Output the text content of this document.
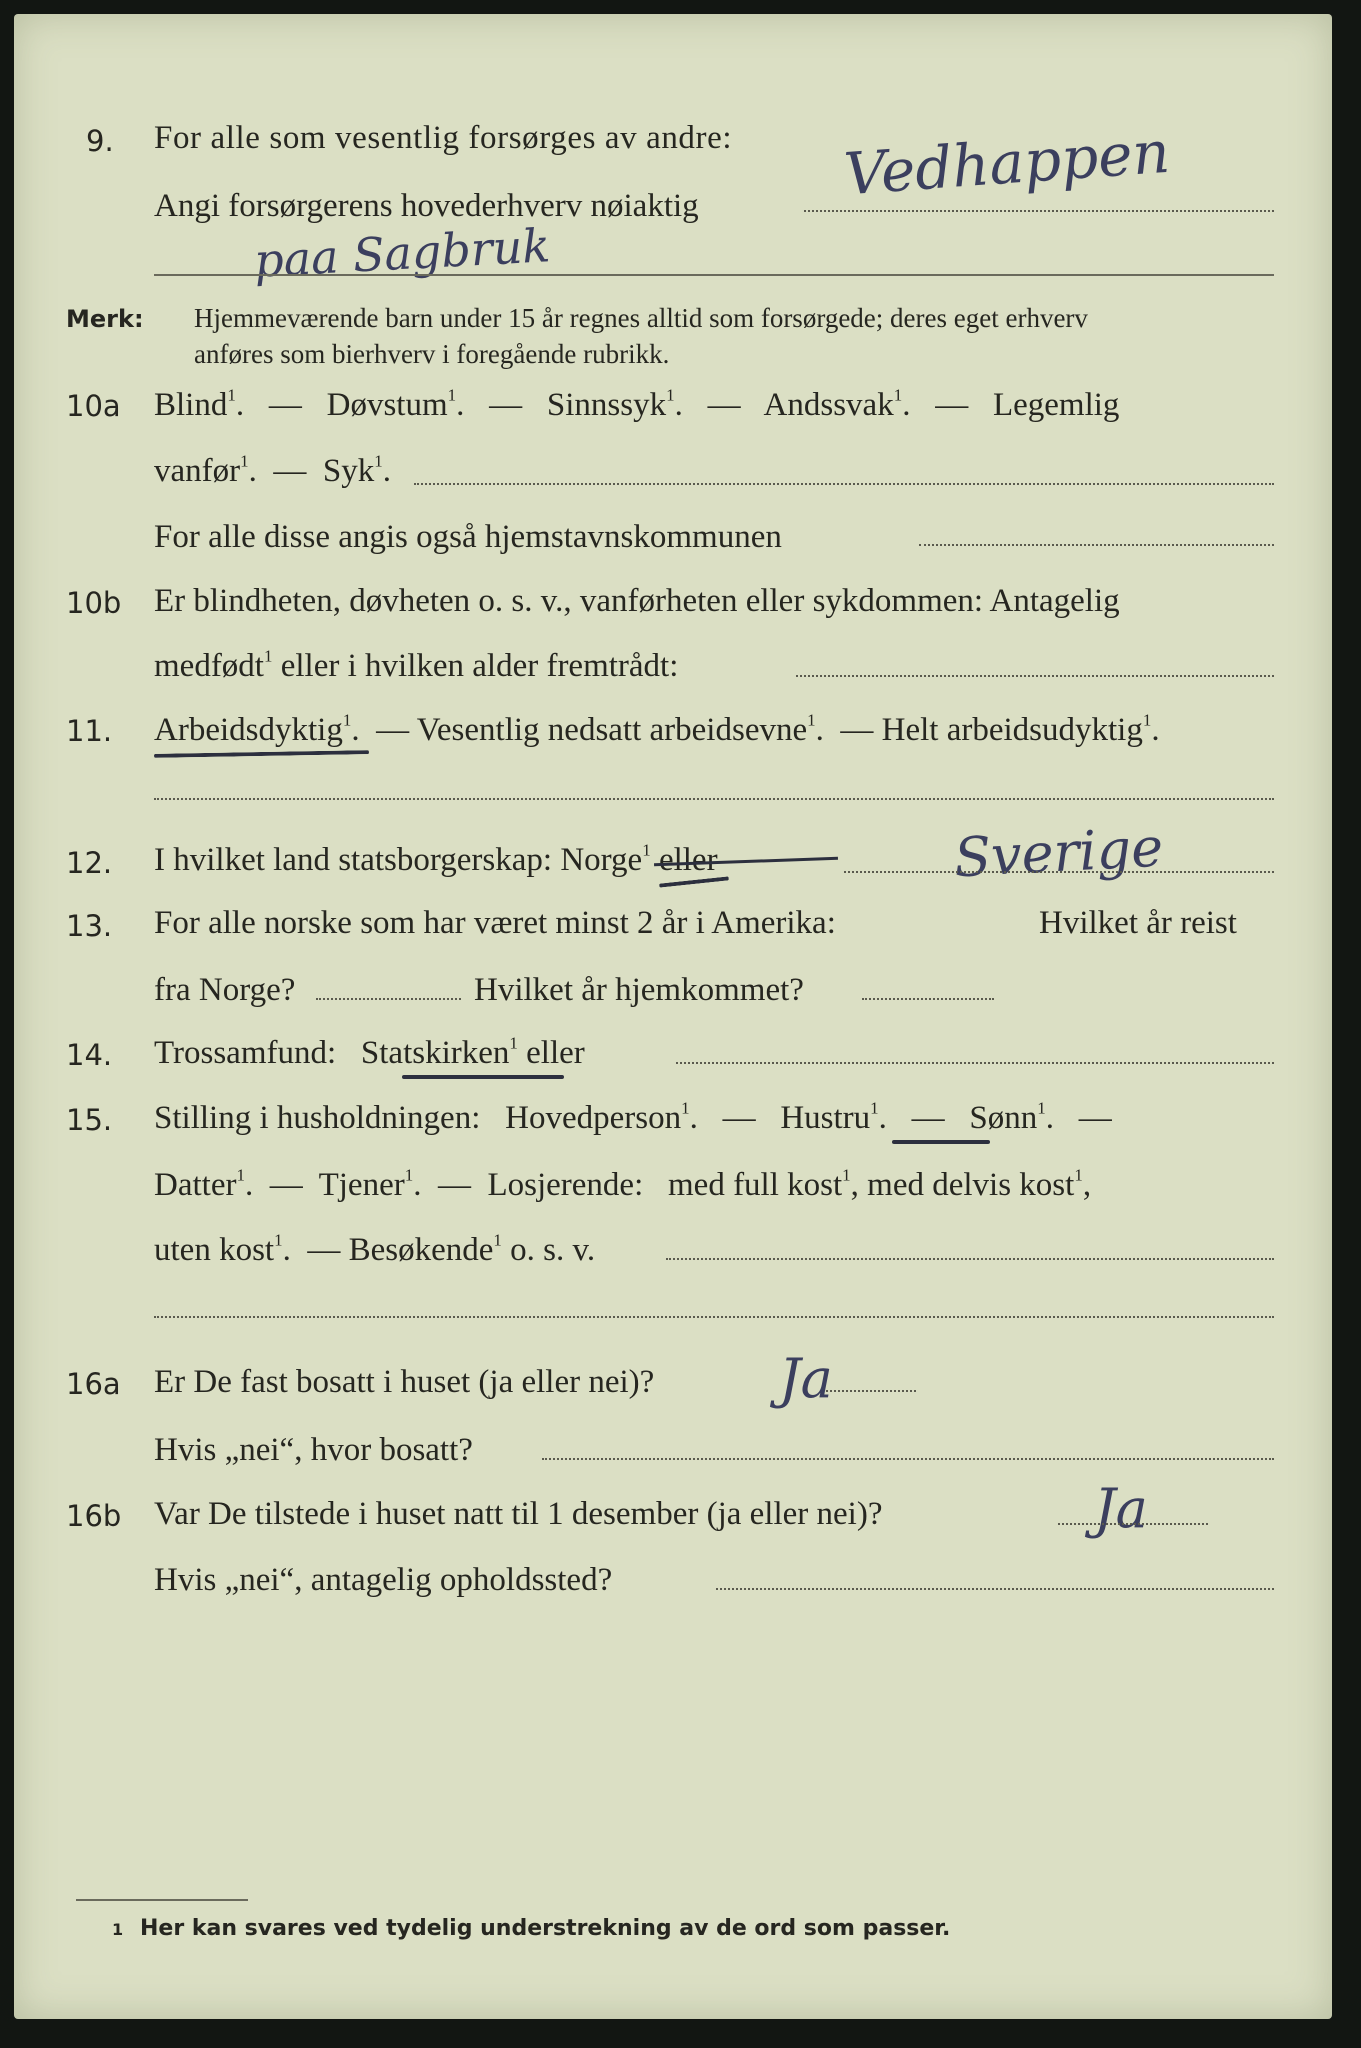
9. For alle som vesentlig forsørges av andre: Vedhappen
Angi forsørgerens hovederhverv nøiaktig
paa Sagbruk
Merk: Hjemmeværende barn under 15 år regnes alltid som forsørgede; deres eget erhverv
anføres som bierhverv i foregående rubrikk.
10a Blind$^1$. — Døvstum$^1$. — Sinnssyk$^1$. — Andssvak$^1$. — Legemlig
vanfør$^1$. — Syk$^1$.
For alle disse angis også hjemstavnskommunen
10b Er blindheten, døvheten o. s. v., vanførheten eller sykdommen: Antagelig
medfødt$^1$ eller i hvilken alder fremtrådt:
11. Arbeidsdyktig$^1$. — Vesentlig nedsatt arbeidsevne$^1$. — Helt arbeidsudyktig$^1$.
12. I hvilket land statsborgerskap: Norge$^1$ eller	Sverige
13. For alle norske som har været minst 2 år i Amerika:	Hvilket år reist
fra Norge?	Hvilket år hjemkommet?
14. Trossamfund: Statskirken$^1$ eller
15. Stilling i husholdningen: Hovedperson$^1$. — Hustru$^1$. — Sønn$^1$. —
Datter$^1$. — Tjener$^1$. — Losjerende: med full kost$^1$, med delvis kost$^1$,
uten kost$^1$. — Besøkende$^1$ o. s. v.
16a Er De fast bosatt i huset (ja eller nei)? Ja
Hvis „nei“, hvor bosatt?
16b Var De tilstede i huset natt til 1 desember (ja eller nei)?	Ja
Hvis „nei“, antagelig opholdssted?
1 Her kan svares ved tydelig understrekning av de ord som passer.
